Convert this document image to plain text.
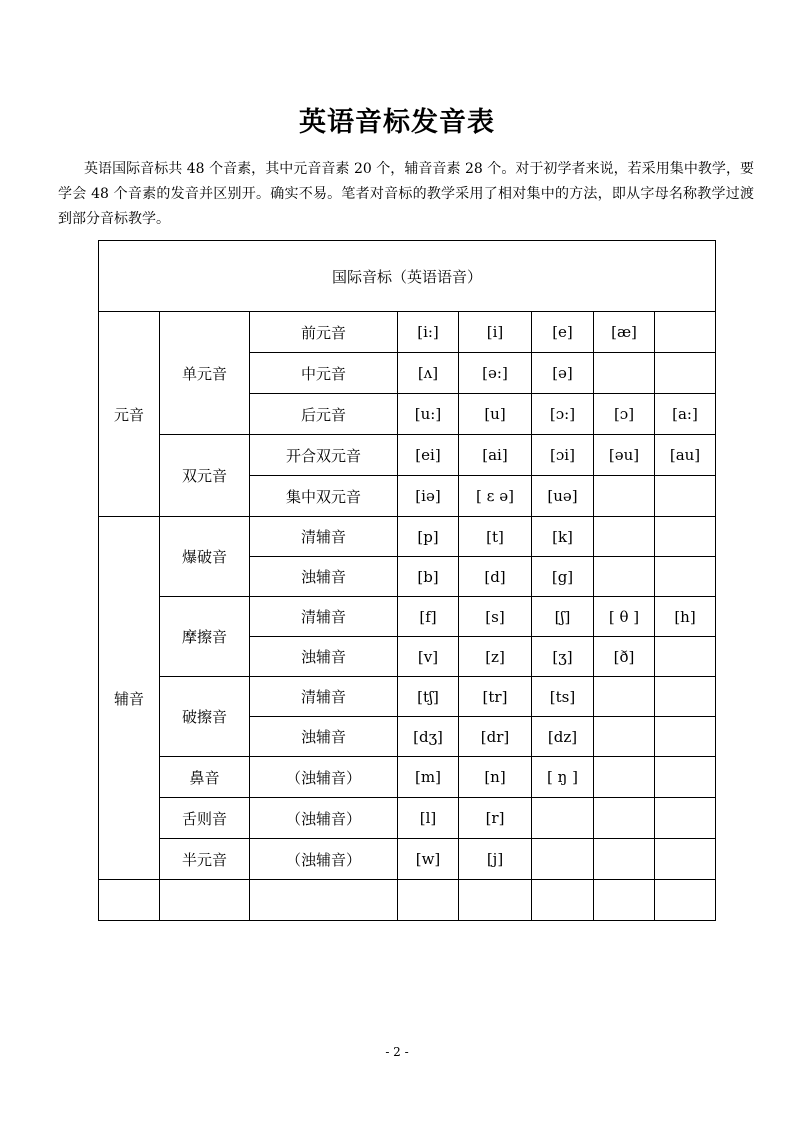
英语音标发音表
英语国际音标共 48 个音素，其中元音音素 20 个，辅音音素 28 个。对于初学者来说，若采用集中教学，要学会 48 个音素的发音并区别开。确实不易。笔者对音标的教学采用了相对集中的方法，即从字母名称教学过渡到部分音标教学。
国际音标（英语语音）							
元音	单元音	前元音	[i:]	[i]	[e]	[æ]	
		中元音	[ʌ]	[ə:]	[ə]		
		后元音	[u:]	[u]	[ɔ:]	[ɔ]	[a:]
	双元音	开合双元音	[ei]	[ai]	[ɔi]	[əu]	[au]
		集中双元音	[iə]	[ ε ə]	[uə]		
辅音	爆破音	清辅音	[p]	[t]	[k]		
		浊辅音	[b]	[d]	[g]		
	摩擦音	清辅音	[f]	[s]	[ʃ]	[ θ ]	[h]
		浊辅音	[v]	[z]	[ʒ]	[ð]	
	破擦音	清辅音	[tʃ]	[tr]	[ts]		
		浊辅音	[dʒ]	[dr]	[dz]		
	鼻音	（浊辅音）	[m]	[n]	[ ŋ ]		
	舌则音	（浊辅音）	[l]	[r]			
	半元音	（浊辅音）	[w]	[j]			

- 2 -
